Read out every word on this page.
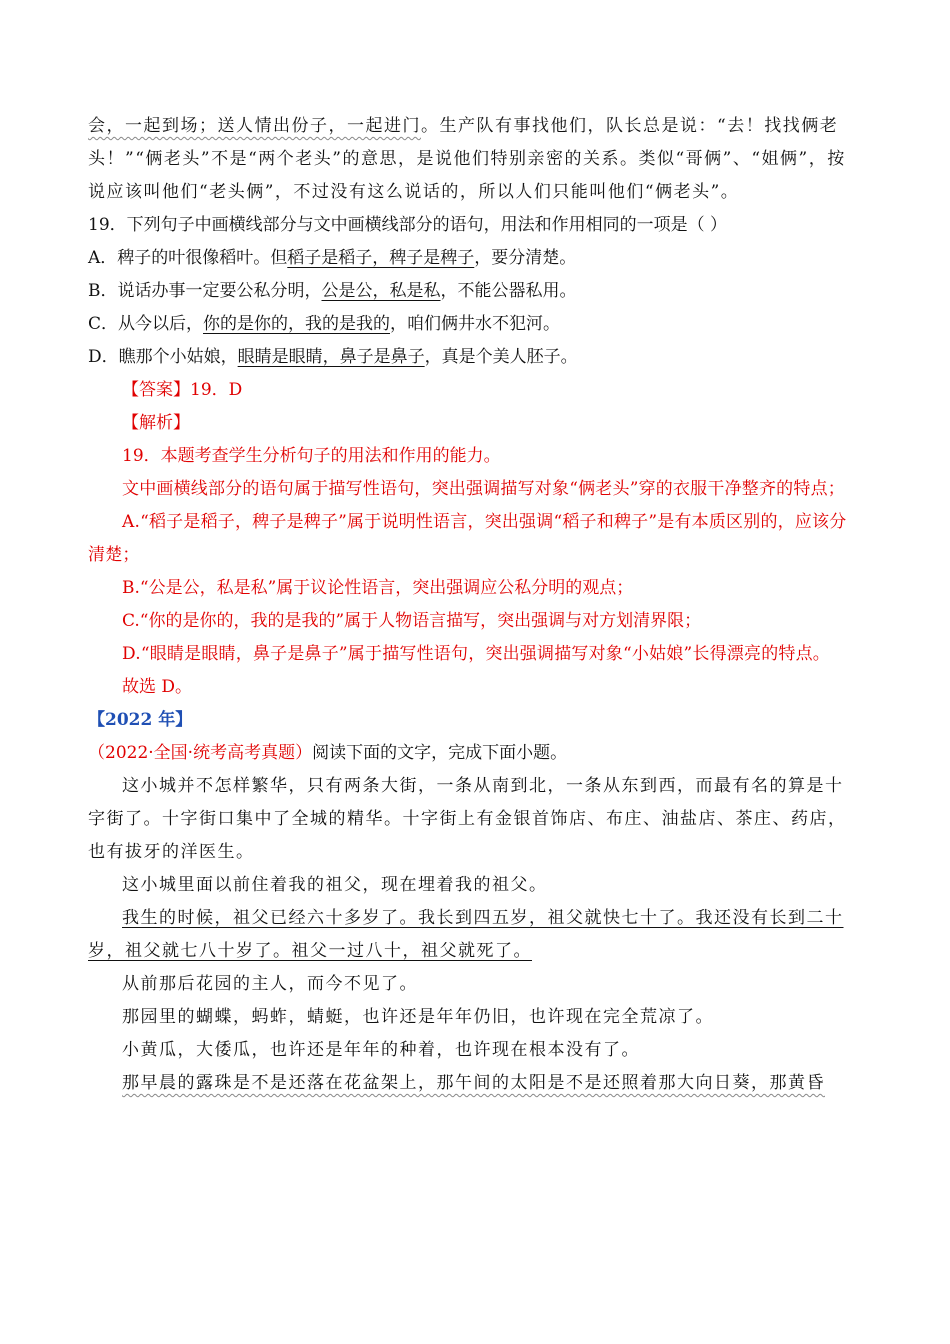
会，一起到场；送人情出份子，一起进门。生产队有事找他们，队长总是说：“去！找找俩老头！”“俩老头”不是“两个老头”的意思，是说他们特别亲密的关系。类似“哥俩”、“姐俩”，按说应该叫他们“老头俩”，不过没有这么说话的，所以人们只能叫他们“俩老头”。

19．下列句子中画横线部分与文中画横线部分的语句，用法和作用相同的一项是（ ）

A．稗子的叶很像稻叶。但稻子是稻子，稗子是稗子，要分清楚。

B．说话办事一定要公私分明，公是公，私是私，不能公器私用。

C．从今以后，你的是你的，我的是我的，咱们俩井水不犯河。

D．瞧那个小姑娘，眼睛是眼睛，鼻子是鼻子，真是个美人胚子。

【答案】19．D

【解析】

19．本题考查学生分析句子的用法和作用的能力。

文中画横线部分的语句属于描写性语句，突出强调描写对象“俩老头”穿的衣服干净整齐的特点；

A.“稻子是稻子，稗子是稗子”属于说明性语言，突出强调“稻子和稗子”是有本质区别的，应该分清楚；

B.“公是公，私是私”属于议论性语言，突出强调应公私分明的观点；

C.“你的是你的，我的是我的”属于人物语言描写，突出强调与对方划清界限；

D.“眼睛是眼睛，鼻子是鼻子”属于描写性语句，突出强调描写对象“小姑娘”长得漂亮的特点。

故选 D。

【2022 年】

（2022·全国·统考高考真题）阅读下面的文字，完成下面小题。

这小城并不怎样繁华，只有两条大街，一条从南到北，一条从东到西，而最有名的算是十字街了。十字街口集中了全城的精华。十字街上有金银首饰店、布庄、油盐店、茶庄、药店，也有拔牙的洋医生。

这小城里面以前住着我的祖父，现在埋着我的祖父。

我生的时候，祖父已经六十多岁了。我长到四五岁，祖父就快七十了。我还没有长到二十岁，祖父就七八十岁了。祖父一过八十，祖父就死了。

从前那后花园的主人，而今不见了。

那园里的蝴蝶，蚂蚱，蜻蜓，也许还是年年仍旧，也许现在完全荒凉了。

小黄瓜，大倭瓜，也许还是年年的种着，也许现在根本没有了。

那早晨的露珠是不是还落在花盆架上，那午间的太阳是不是还照着那大向日葵，那黄昏
